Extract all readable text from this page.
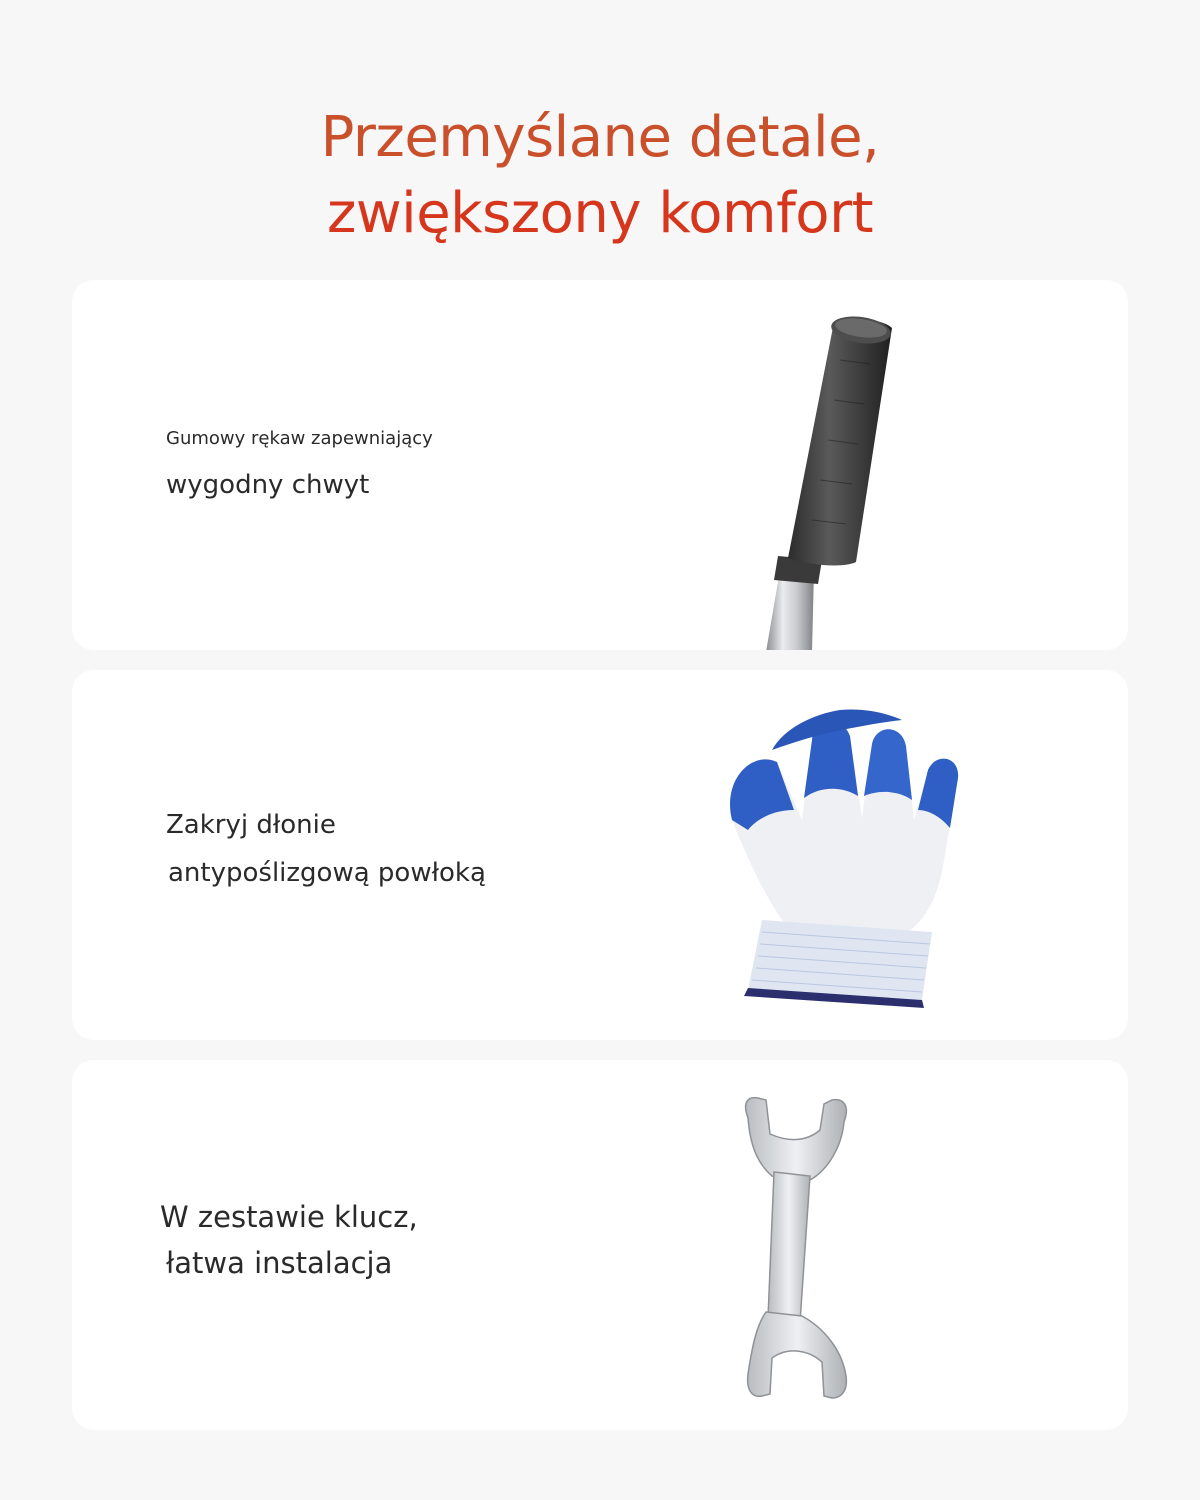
Przemyślane detale,
zwiększony komfort
Gumowy rękaw zapewniający
wygodny chwyt
Zakryj dłonie
antypoślizgową powłoką
W zestawie klucz,
łatwa instalacja
